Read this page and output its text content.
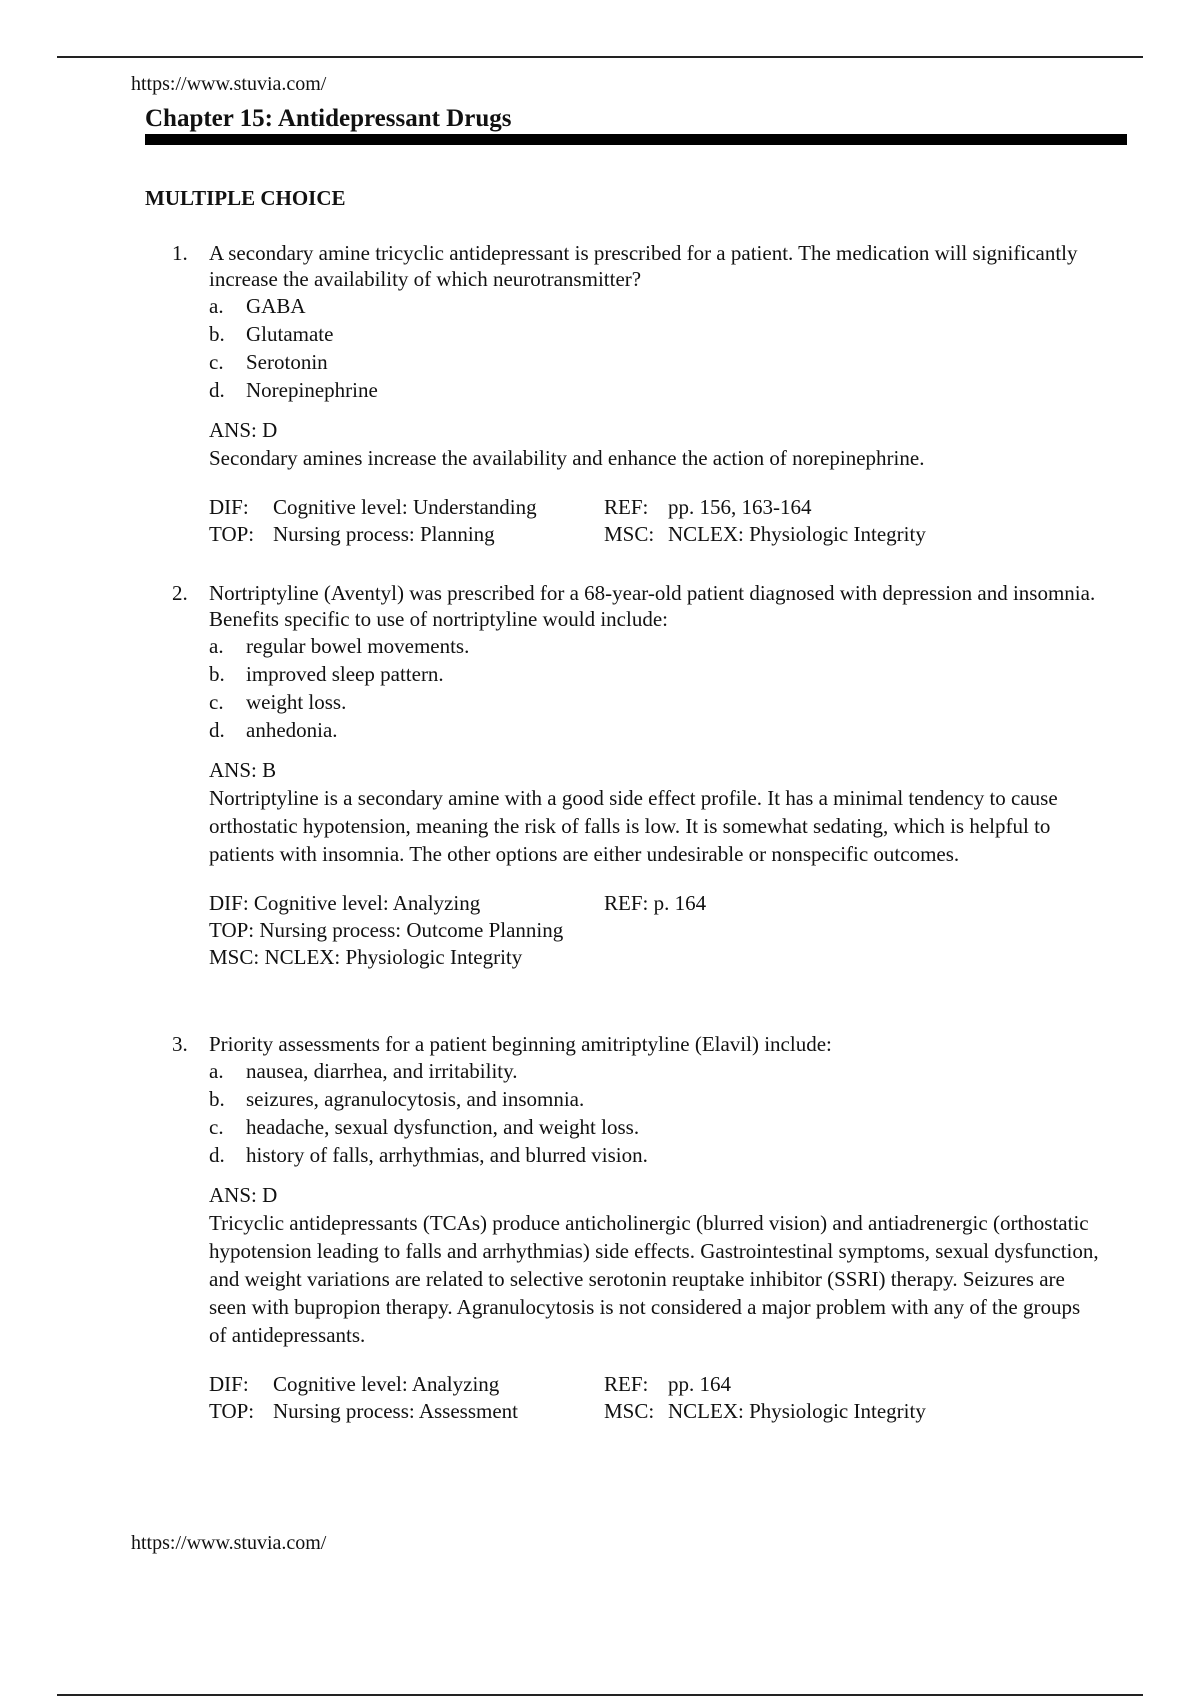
https://www.stuvia.com/
Chapter 15: Antidepressant Drugs
MULTIPLE CHOICE
1.	A secondary amine tricyclic antidepressant is prescribed for a patient. The medication will significantly increase the availability of which neurotransmitter?
a.	GABA
b.	Glutamate
c.	Serotonin
d.	Norepinephrine
ANS: D
Secondary amines increase the availability and enhance the action of norepinephrine.
DIF: Cognitive level: Understanding	REF: pp. 156, 163-164
TOP: Nursing process: Planning	MSC: NCLEX: Physiologic Integrity
2.	Nortriptyline (Aventyl) was prescribed for a 68-year-old patient diagnosed with depression and insomnia. Benefits specific to use of nortriptyline would include:
a.	regular bowel movements.
b.	improved sleep pattern.
c.	weight loss.
d.	anhedonia.
ANS: B
Nortriptyline is a secondary amine with a good side effect profile. It has a minimal tendency to cause orthostatic hypotension, meaning the risk of falls is low. It is somewhat sedating, which is helpful to patients with insomnia. The other options are either undesirable or nonspecific outcomes.
DIF: Cognitive level: Analyzing	REF: p. 164
TOP: Nursing process: Outcome Planning
MSC: NCLEX: Physiologic Integrity
3.	Priority assessments for a patient beginning amitriptyline (Elavil) include:
a.	nausea, diarrhea, and irritability.
b.	seizures, agranulocytosis, and insomnia.
c.	headache, sexual dysfunction, and weight loss.
d.	history of falls, arrhythmias, and blurred vision.
ANS: D
Tricyclic antidepressants (TCAs) produce anticholinergic (blurred vision) and antiadrenergic (orthostatic hypotension leading to falls and arrhythmias) side effects. Gastrointestinal symptoms, sexual dysfunction, and weight variations are related to selective serotonin reuptake inhibitor (SSRI) therapy. Seizures are seen with bupropion therapy. Agranulocytosis is not considered a major problem with any of the groups of antidepressants.
DIF: Cognitive level: Analyzing	REF: pp. 164
TOP: Nursing process: Assessment	MSC: NCLEX: Physiologic Integrity
https://www.stuvia.com/
